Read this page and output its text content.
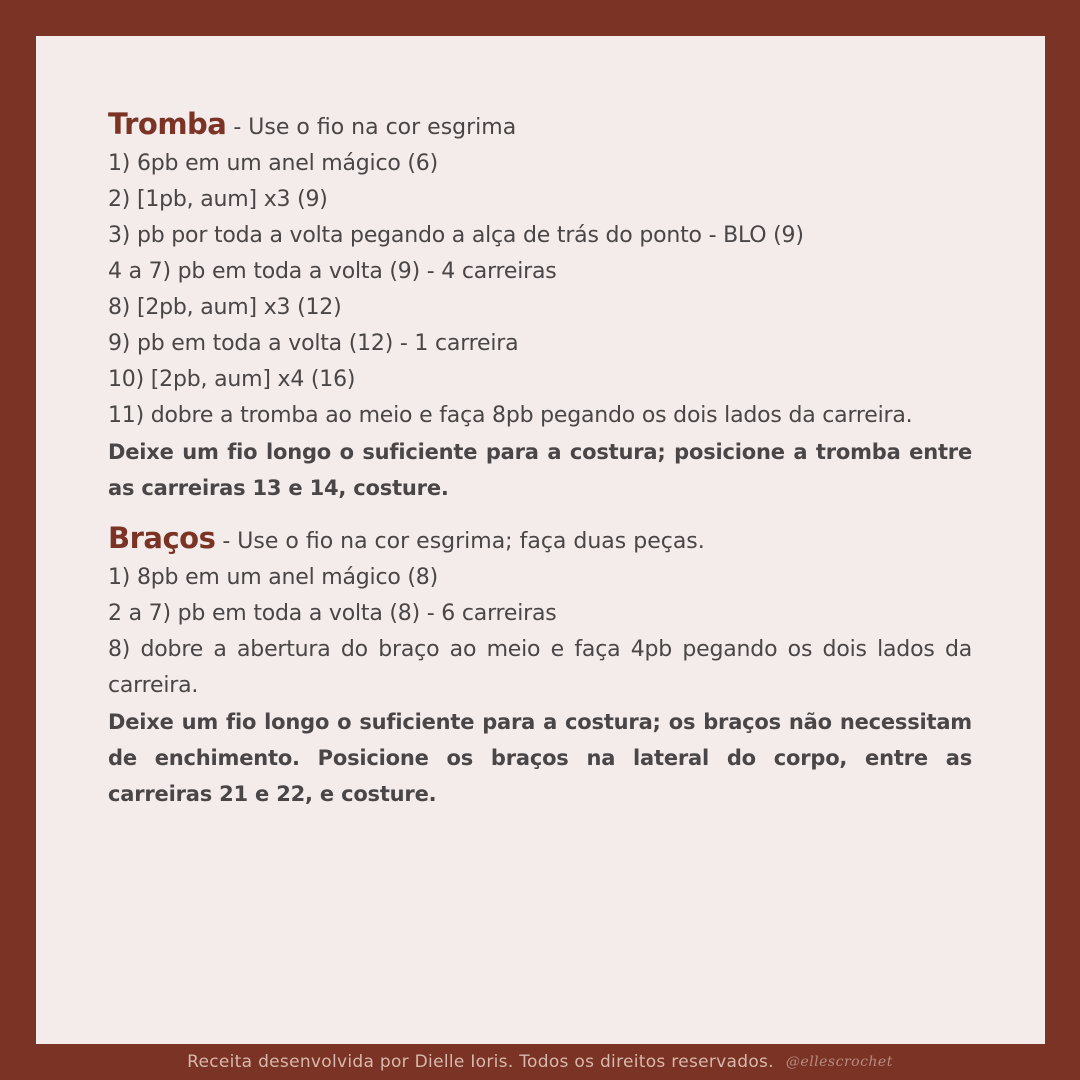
Tromba - Use o fio na cor esgrima
1) 6pb em um anel mágico (6)
2) [1pb, aum] x3 (9)
3) pb por toda a volta pegando a alça de trás do ponto - BLO (9)
4 a 7) pb em toda a volta (9) - 4 carreiras
8) [2pb, aum] x3 (12)
9) pb em toda a volta (12) - 1 carreira
10) [2pb, aum] x4 (16)
11) dobre a tromba ao meio e faça 8pb pegando os dois lados da carreira.
Deixe um fio longo o suficiente para a costura; posicione a tromba entre as carreiras 13 e 14, costure.
Braços - Use o fio na cor esgrima; faça duas peças.
1) 8pb em um anel mágico (8)
2 a 7) pb em toda a volta (8) - 6 carreiras
8) dobre a abertura do braço ao meio e faça 4pb pegando os dois lados da carreira.
Deixe um fio longo o suficiente para a costura; os braços não necessitam de enchimento. Posicione os braços na lateral do corpo, entre as carreiras 21 e 22, e costure.
Receita desenvolvida por Dielle Ioris. Todos os direitos reservados. @ellescrochet
